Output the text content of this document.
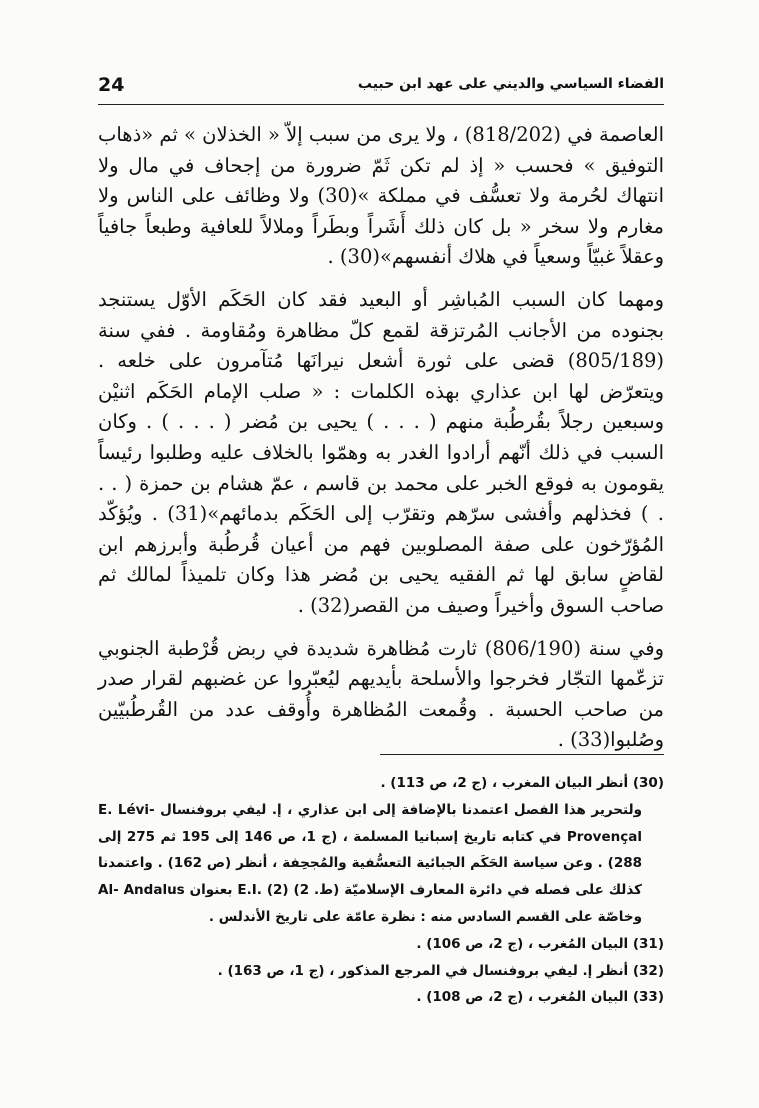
24	الفضاء السياسي والديني على عهد ابن حبيب

العاصمة في (818/202) ، ولا يرى من سبب إلاّ « الخذلان » ثم «ذهاب التوفيق » فحسب « إذ لم تكن ثَمّ ضرورة من إجحاف في مال ولا انتهاك لحُرمة ولا تعسُّف في مملكة »(30) ولا وظائف على الناس ولا مغارم ولا سخر « بل كان ذلك أَشَراً وبطَراً وملالاً للعافية وطبعاً جافياً وعقلاً غبيّاً وسعياً في هلاك أنفسهم»(30) .

ومهما كان السبب المُباشِر أو البعيد فقد كان الحَكَم الأوّل يستنجد بجنوده من الأجانب المُرتزقة لقمع كلّ مظاهرة ومُقاومة . ففي سنة (805/189) قضى على ثورة أشعل نيرانَها مُتآمرون على خلعه . ويتعرّض لها ابن عذاري بهذه الكلمات : « صلب الإمام الحَكَم اثنيْن وسبعين رجلاً بقُرطُبة منهم ( . . . ) يحيى بن مُضر ( . . . ) . وكان السبب في ذلك أنّهم أرادوا الغدر به وهمّوا بالخلاف عليه وطلبوا رئيساً يقومون به فوقع الخبر على محمد بن قاسم ، عمّ هشام بن حمزة ( . . . ) فخذلهم وأفشى سرّهم وتقرّب إلى الحَكَم بدمائهم»(31) . ويُؤكّد المُؤرّخون على صفة المصلوبين فهم من أعيان قُرطُبة وأبرزهم ابن لقاضٍ سابق لها ثم الفقيه يحيى بن مُضر هذا وكان تلميذاً لمالك ثم صاحب السوق وأخيراً وصيف من القصر(32) .

وفي سنة (806/190) ثارت مُظاهرة شديدة في ربض قُرْطبة الجنوبي تزعّمها التجّار فخرجوا والأسلحة بأيديهم ليُعبّروا عن غضبهم لقرار صدر من صاحب الحسبة . وقُمعت المُظاهرة وأُوقف عدد من القُرطُبيّين وصُلبوا(33) .

(30) أنظر البيان المغرب ، (ج 2، ص 113) .

ولتحرير هذا الفصل اعتمدنا بالإضافة إلى ابن عذاري ، إ. ليفي بروفنسال E. Lévi-Provençal في كتابه تاريخ إسبانيا المسلمة ، (ج 1، ص 146 إلى 195 ثم 275 إلى 288) . وعن سياسة الحَكَم الجبائية التعسُّفية والمُجحِفة ، أنظر (ص 162) . واعتمدنا كذلك على فصله في دائرة المعارف الإسلاميّة (ط. 2) E.I. (2) بعنوان Al- Andalus وخاصّة على القسم السادس منه : نظرة عامّة على تاريخ الأندلس .

(31) البيان المُغرب ، (ج 2، ص 106) .

(32) أنظر إ. ليفي بروفنسال في المرجع المذكور ، (ج 1، ص 163) .

(33) البيان المُغرب ، (ج 2، ص 108) .
